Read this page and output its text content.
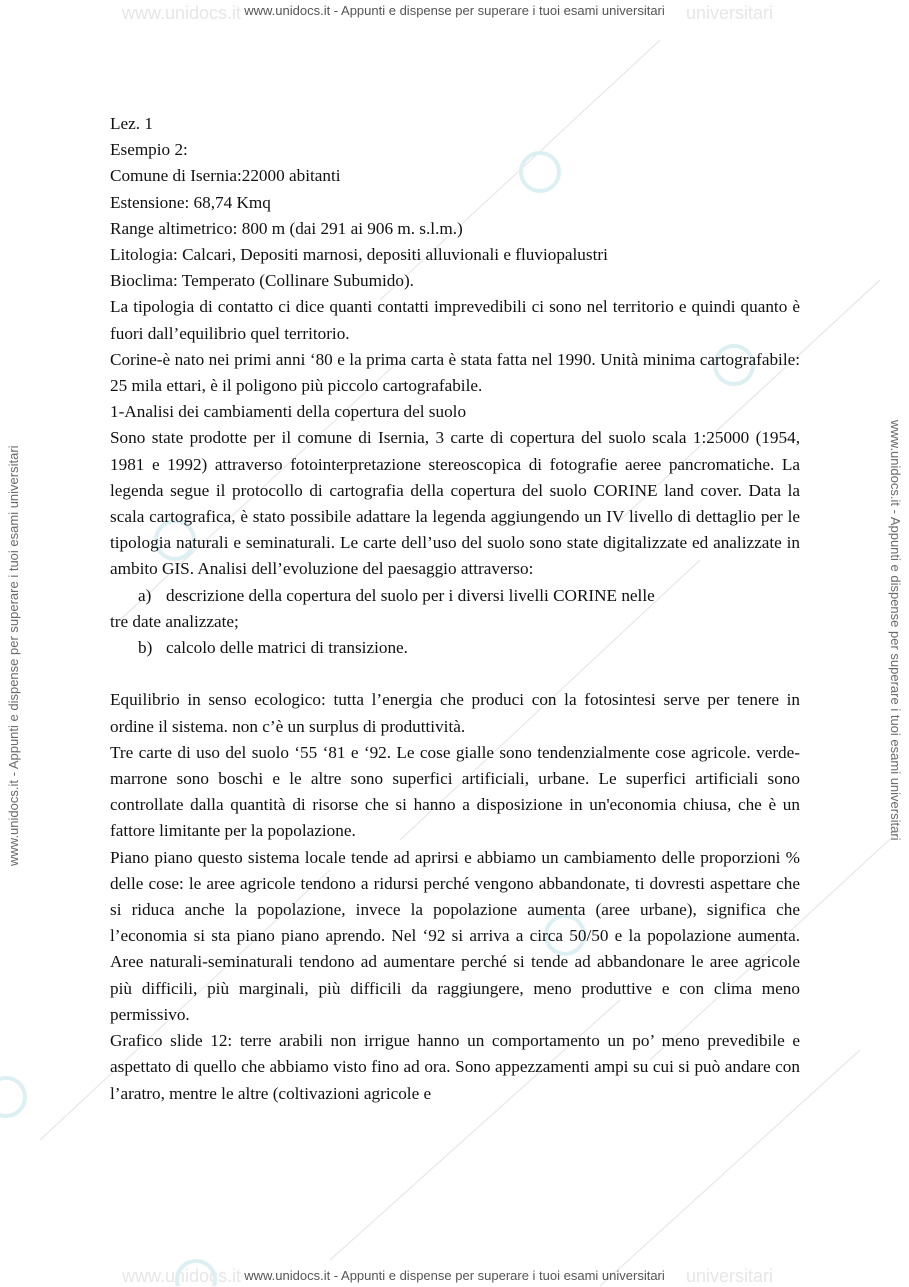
www.unidocs.it	universitari
www.unidocs.it	universitari
www.unidocs.it - Appunti e dispense per superare i tuoi esami universitari
www.unidocs.it - Appunti e dispense per superare i tuoi esami universitari
www.unidocs.it - Appunti e dispense per superare i tuoi esami universitari	www.unidocs.it - Appunti e dispense per superare i tuoi esami universitari

Lez. 1

Esempio 2:

Comune di Isernia:22000 abitanti

Estensione: 68,74 Kmq

Range altimetrico: 800 m (dai 291 ai 906 m. s.l.m.)

Litologia: Calcari, Depositi marnosi, depositi alluvionali e fluviopalustri

Bioclima: Temperato (Collinare Subumido).

La tipologia di contatto ci dice quanti contatti imprevedibili ci sono nel territorio e quindi quanto è fuori dall’equilibrio quel territorio.

Corine-è nato nei primi anni ‘80 e la prima carta è stata fatta nel 1990. Unità minima cartografabile: 25 mila ettari, è il poligono più piccolo cartografabile.

1-Analisi dei cambiamenti della copertura del suolo

Sono state prodotte per il comune di Isernia, 3 carte di copertura del suolo scala 1:25000 (1954, 1981 e 1992) attraverso fotointerpretazione stereoscopica di fotografie aeree pancromatiche. La legenda segue il protocollo di cartografia della copertura del suolo CORINE land cover. Data la scala cartografica, è stato possibile adattare la legenda aggiungendo un IV livello di dettaglio per le tipologia naturali e seminaturali. Le carte dell’uso del suolo sono state digitalizzate ed analizzate in ambito GIS. Analisi dell’evoluzione del paesaggio attraverso:

a) descrizione della copertura del suolo per i diversi livelli CORINE nelle

tre date analizzate;

b) calcolo delle matrici di transizione.

Equilibrio in senso ecologico: tutta l’energia che produci con la fotosintesi serve per tenere in ordine il sistema. non c’è un surplus di produttività.

Tre carte di uso del suolo ‘55 ‘81 e ‘92. Le cose gialle sono tendenzialmente cose agricole. verde-marrone sono boschi e le altre sono superfici artificiali, urbane. Le superfici artificiali sono controllate dalla quantità di risorse che si hanno a disposizione in un'economia chiusa, che è un fattore limitante per la popolazione.

Piano piano questo sistema locale tende ad aprirsi e abbiamo un cambiamento delle proporzioni % delle cose: le aree agricole tendono a ridursi perché vengono abbandonate, ti dovresti aspettare che si riduca anche la popolazione, invece la popolazione aumenta (aree urbane), significa che l’economia si sta piano piano aprendo. Nel ‘92 si arriva a circa 50/50 e la popolazione aumenta. Aree naturali-seminaturali tendono ad aumentare perché si tende ad abbandonare le aree agricole più difficili, più marginali, più difficili da raggiungere, meno produttive e con clima meno permissivo.

Grafico slide 12: terre arabili non irrigue hanno un comportamento un po’ meno prevedibile e aspettato di quello che abbiamo visto fino ad ora. Sono appezzamenti ampi su cui si può andare con l’aratro, mentre le altre (coltivazioni agricole e
